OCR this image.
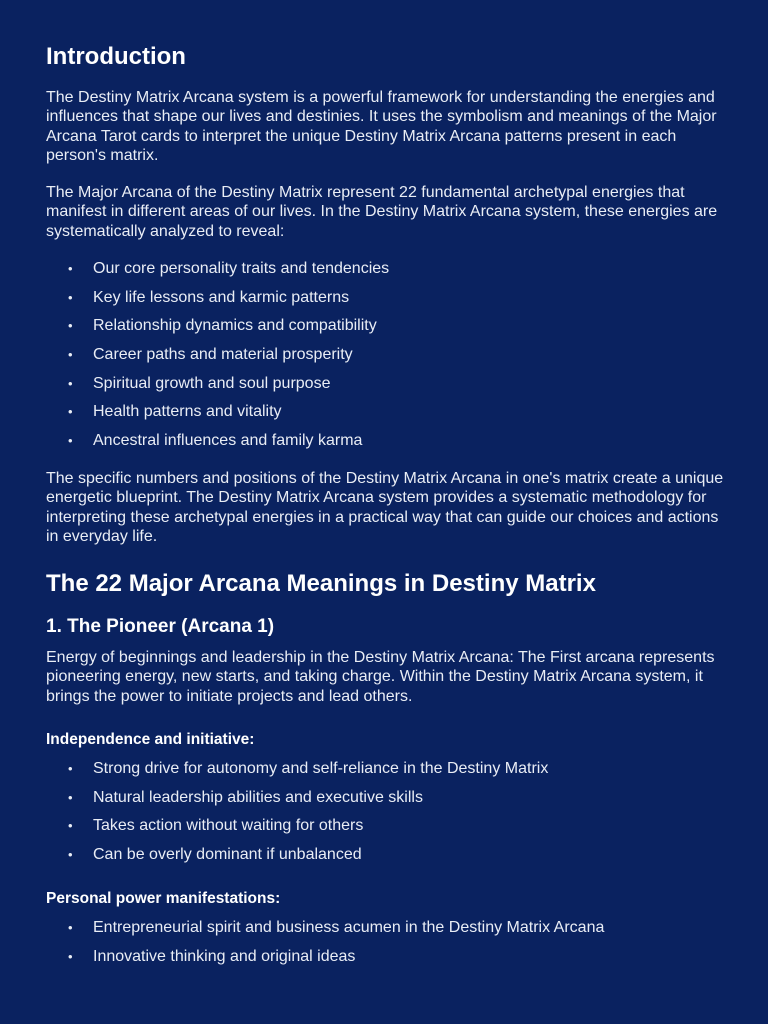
Introduction

The Destiny Matrix Arcana system is a powerful framework for understanding the energies and influences that shape our lives and destinies. It uses the symbolism and meanings of the Major Arcana Tarot cards to interpret the unique Destiny Matrix Arcana patterns present in each person's matrix.

The Major Arcana of the Destiny Matrix represent 22 fundamental archetypal energies that manifest in different areas of our lives. In the Destiny Matrix Arcana system, these energies are systematically analyzed to reveal:

• Our core personality traits and tendencies
• Key life lessons and karmic patterns
• Relationship dynamics and compatibility
• Career paths and material prosperity
• Spiritual growth and soul purpose
• Health patterns and vitality
• Ancestral influences and family karma

The specific numbers and positions of the Destiny Matrix Arcana in one's matrix create a unique energetic blueprint. The Destiny Matrix Arcana system provides a systematic methodology for interpreting these archetypal energies in a practical way that can guide our choices and actions in everyday life.

The 22 Major Arcana Meanings in Destiny Matrix
1. The Pioneer (Arcana 1)

Energy of beginnings and leadership in the Destiny Matrix Arcana: The First arcana represents pioneering energy, new starts, and taking charge. Within the Destiny Matrix Arcana system, it brings the power to initiate projects and lead others.

Independence and initiative:
• Strong drive for autonomy and self-reliance in the Destiny Matrix
• Natural leadership abilities and executive skills
• Takes action without waiting for others
• Can be overly dominant if unbalanced
Personal power manifestations:
• Entrepreneurial spirit and business acumen in the Destiny Matrix Arcana
• Innovative thinking and original ideas
